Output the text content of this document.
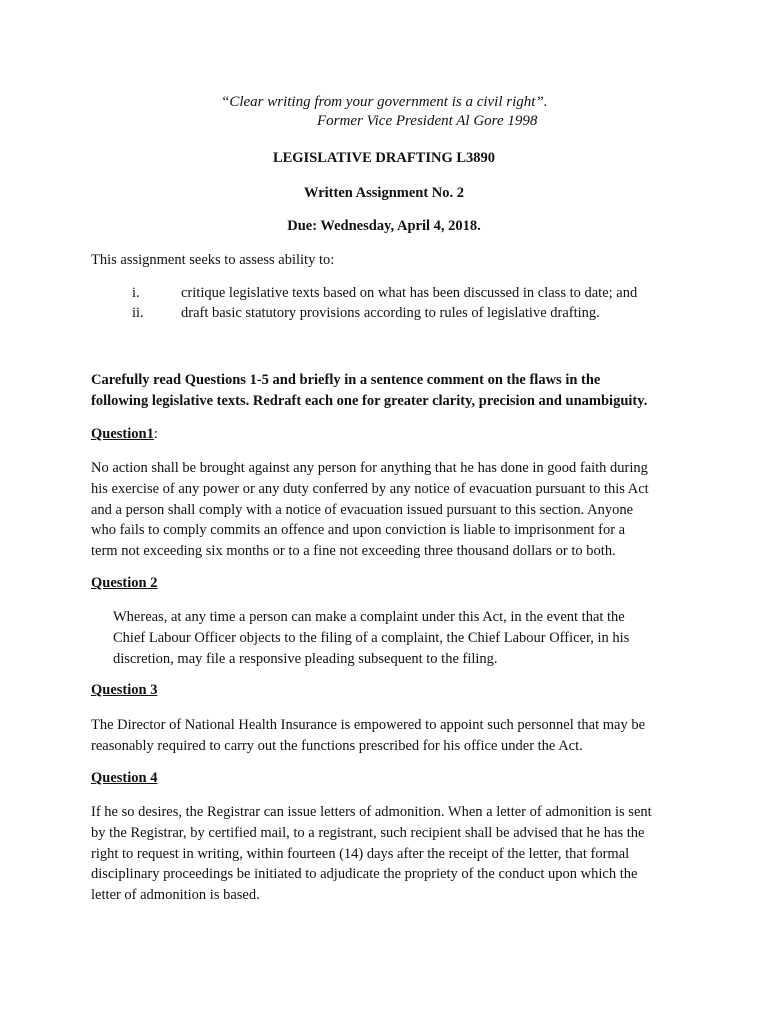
“Clear writing from your government is a civil right”.
Former Vice President Al Gore 1998
LEGISLATIVE DRAFTING L3890
Written Assignment No. 2
Due: Wednesday, April 4, 2018.
This assignment seeks to assess ability to:
i.	critique legislative texts based on what has been discussed in class to date; and
ii.	draft basic statutory provisions according to rules of legislative drafting.
Carefully read Questions 1-5 and briefly in a sentence comment on the flaws in the
following legislative texts. Redraft each one for greater clarity, precision and unambiguity.
Question1:
No action shall be brought against any person for anything that he has done in good faith during
his exercise of any power or any duty conferred by any notice of evacuation pursuant to this Act
and a person shall comply with a notice of evacuation issued pursuant to this section. Anyone
who fails to comply commits an offence and upon conviction is liable to imprisonment for a
term not exceeding six months or to a fine not exceeding three thousand dollars or to both.
Question 2
Whereas, at any time a person can make a complaint under this Act, in the event that the
Chief Labour Officer objects to the filing of a complaint, the Chief Labour Officer, in his
discretion, may file a responsive pleading subsequent to the filing.
Question 3
The Director of National Health Insurance is empowered to appoint such personnel that may be
reasonably required to carry out the functions prescribed for his office under the Act.
Question 4
If he so desires, the Registrar can issue letters of admonition. When a letter of admonition is sent
by the Registrar, by certified mail, to a registrant, such recipient shall be advised that he has the
right to request in writing, within fourteen (14) days after the receipt of the letter, that formal
disciplinary proceedings be initiated to adjudicate the propriety of the conduct upon which the
letter of admonition is based.
